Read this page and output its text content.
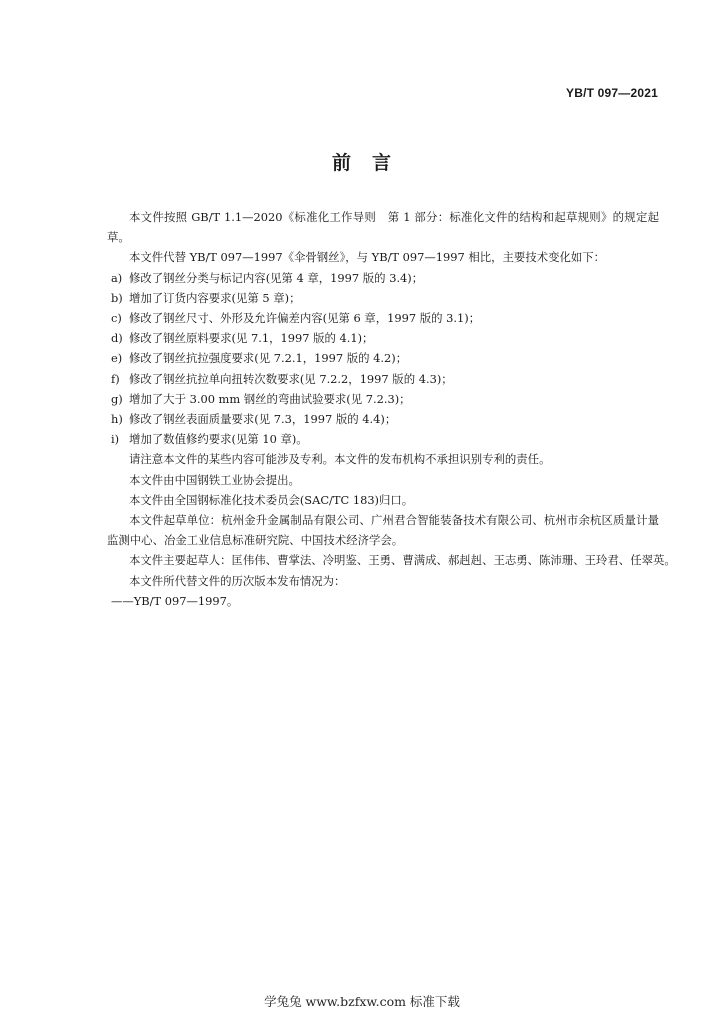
YB/T 097—2021
前　言

本文件按照 GB/T 1.1—2020《标准化工作导则　第 1 部分：标准化文件的结构和起草规则》的规定起草。

本文件代替 YB/T 097—1997《伞骨钢丝》，与 YB/T 097—1997 相比，主要技术变化如下：

a) 修改了钢丝分类与标记内容(见第 4 章，1997 版的 3.4)；

b) 增加了订货内容要求(见第 5 章)；

c) 修改了钢丝尺寸、外形及允许偏差内容(见第 6 章，1997 版的 3.1)；

d) 修改了钢丝原料要求(见 7.1，1997 版的 4.1)；

e) 修改了钢丝抗拉强度要求(见 7.2.1，1997 版的 4.2)；

f) 修改了钢丝抗拉单向扭转次数要求(见 7.2.2，1997 版的 4.3)；

g) 增加了大于 3.00 mm 钢丝的弯曲试验要求(见 7.2.3)；

h) 修改了钢丝表面质量要求(见 7.3，1997 版的 4.4)；

i) 增加了数值修约要求(见第 10 章)。

请注意本文件的某些内容可能涉及专利。本文件的发布机构不承担识别专利的责任。

本文件由中国钢铁工业协会提出。

本文件由全国钢标准化技术委员会(SAC/TC 183)归口。

本文件起草单位：杭州金升金属制品有限公司、广州君合智能装备技术有限公司、杭州市余杭区质量计量监测中心、冶金工业信息标准研究院、中国技术经济学会。

本文件主要起草人：匡伟伟、曹掌法、冷明鉴、王勇、曹满成、郝赳赳、王志勇、陈沛珊、王玲君、任翠英。

本文件所代替文件的历次版本发布情况为：

——YB/T 097—1997。

学兔兔 www.bzfxw.com 标准下载
